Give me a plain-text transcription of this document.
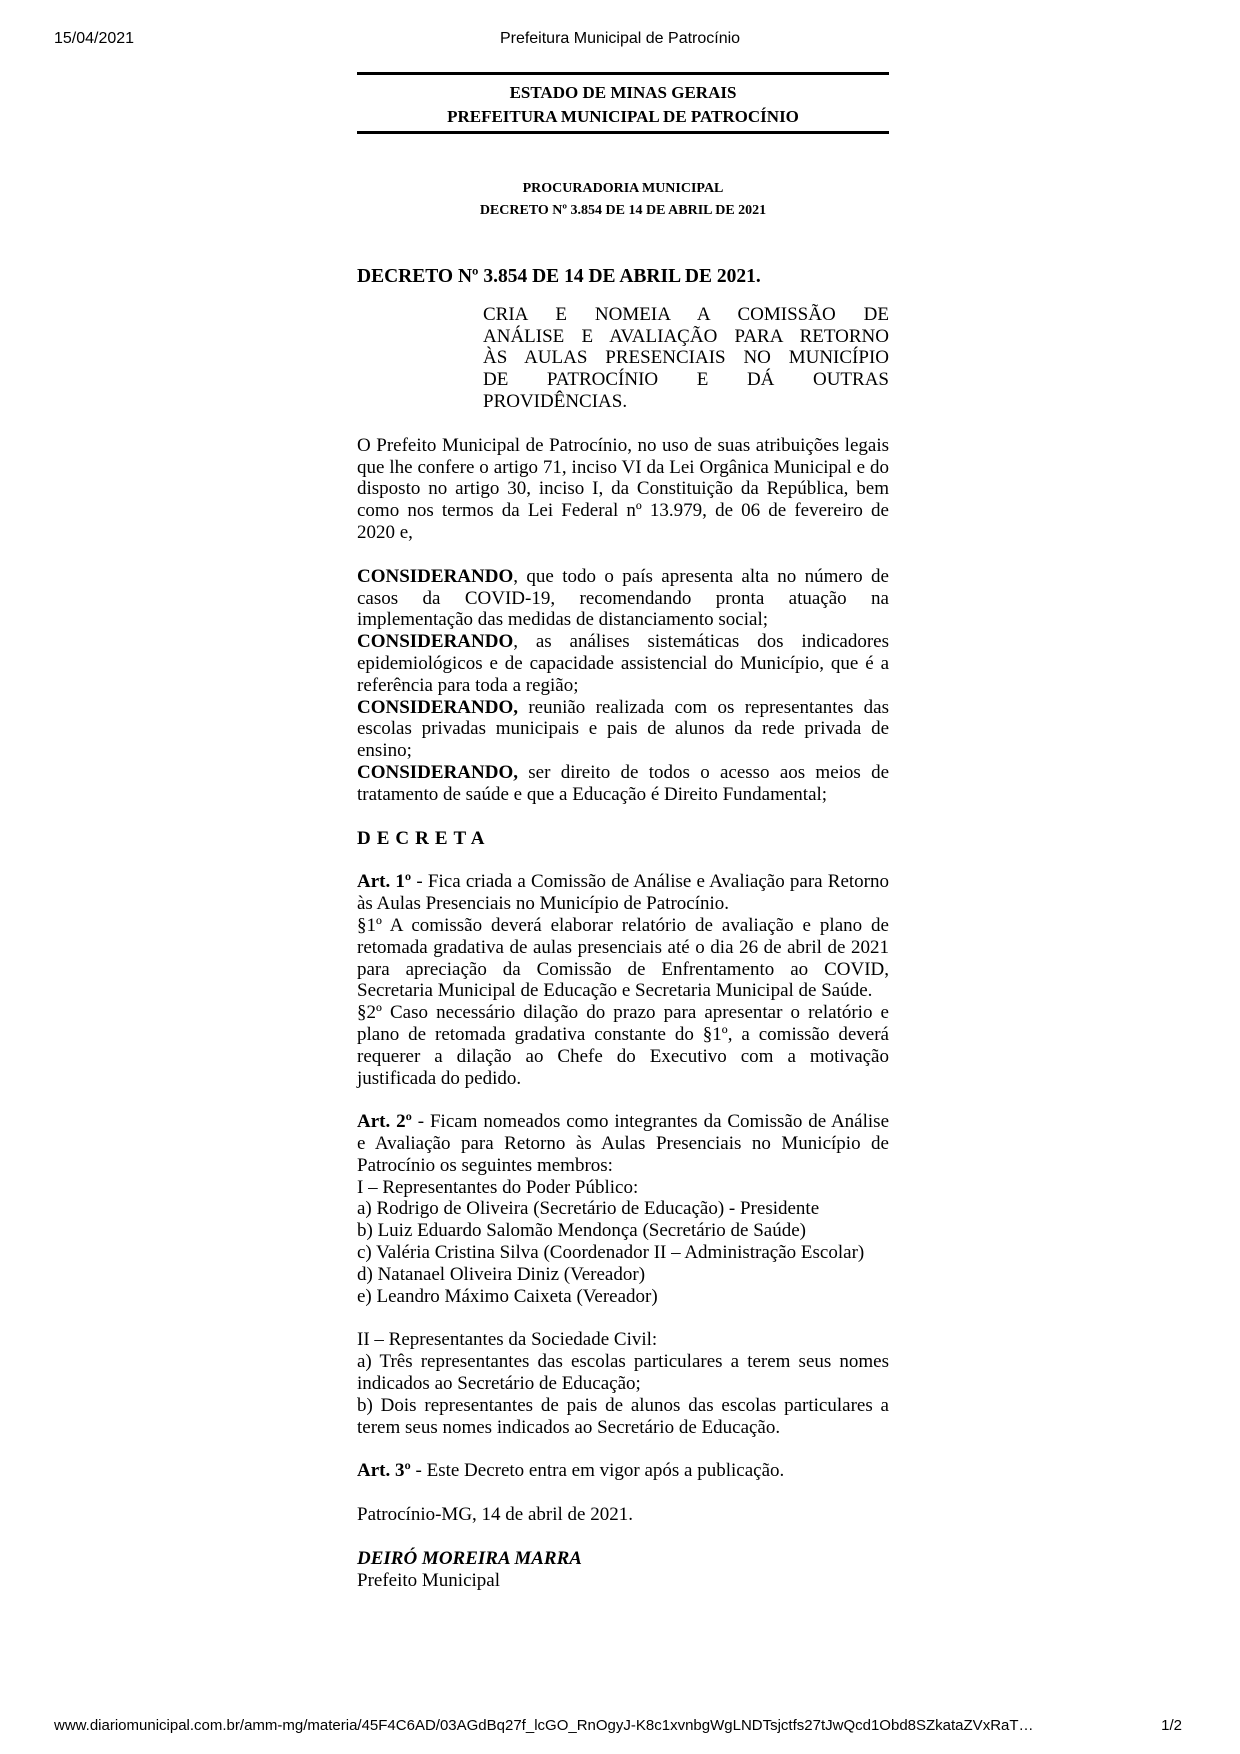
15/04/2021	Prefeitura Municipal de Patrocínio
ESTADO DE MINAS GERAIS
PREFEITURA MUNICIPAL DE PATROCÍNIO
PROCURADORIA MUNICIPAL
DECRETO Nº 3.854 DE 14 DE ABRIL DE 2021
DECRETO Nº 3.854 DE 14 DE ABRIL DE 2021.
CRIA E NOMEIA A COMISSÃO DE
ANÁLISE E AVALIAÇÃO PARA RETORNO
ÀS AULAS PRESENCIAIS NO MUNICÍPIO
DE PATROCÍNIO E DÁ OUTRAS
PROVIDÊNCIAS.

O Prefeito Municipal de Patrocínio, no uso de suas atribuições legais que lhe confere o artigo 71, inciso VI da Lei Orgânica Municipal e do disposto no artigo 30, inciso I, da Constituição da República, bem como nos termos da Lei Federal nº 13.979, de 06 de fevereiro de 2020 e,

CONSIDERANDO, que todo o país apresenta alta no número de casos da COVID-19, recomendando pronta atuação na implementação das medidas de distanciamento social;

CONSIDERANDO, as análises sistemáticas dos indicadores epidemiológicos e de capacidade assistencial do Município, que é a referência para toda a região;

CONSIDERANDO, reunião realizada com os representantes das escolas privadas municipais e pais de alunos da rede privada de ensino;

CONSIDERANDO, ser direito de todos o acesso aos meios de tratamento de saúde e que a Educação é Direito Fundamental;

DECRETA

Art. 1º - Fica criada a Comissão de Análise e Avaliação para Retorno às Aulas Presenciais no Município de Patrocínio.

§1º A comissão deverá elaborar relatório de avaliação e plano de retomada gradativa de aulas presenciais até o dia 26 de abril de 2021 para apreciação da Comissão de Enfrentamento ao COVID, Secretaria Municipal de Educação e Secretaria Municipal de Saúde.

§2º Caso necessário dilação do prazo para apresentar o relatório e plano de retomada gradativa constante do §1º, a comissão deverá requerer a dilação ao Chefe do Executivo com a motivação justificada do pedido.

Art. 2º - Ficam nomeados como integrantes da Comissão de Análise e Avaliação para Retorno às Aulas Presenciais no Município de Patrocínio os seguintes membros:

I – Representantes do Poder Público:

a) Rodrigo de Oliveira (Secretário de Educação) - Presidente

b) Luiz Eduardo Salomão Mendonça (Secretário de Saúde)

c) Valéria Cristina Silva (Coordenador II – Administração Escolar)

d) Natanael Oliveira Diniz (Vereador)

e) Leandro Máximo Caixeta (Vereador)

II – Representantes da Sociedade Civil:

a) Três representantes das escolas particulares a terem seus nomes indicados ao Secretário de Educação;

b) Dois representantes de pais de alunos das escolas particulares a terem seus nomes indicados ao Secretário de Educação.

Art. 3º - Este Decreto entra em vigor após a publicação.

Patrocínio-MG, 14 de abril de 2021.

DEIRÓ MOREIRA MARRA
Prefeito Municipal
www.diariomunicipal.com.br/amm-mg/materia/45F4C6AD/03AGdBq27f_lcGO_RnOgyJ-K8c1xvnbgWgLNDTsjctfs27tJwQcd1Obd8SZkataZVxRaT…	1/2
